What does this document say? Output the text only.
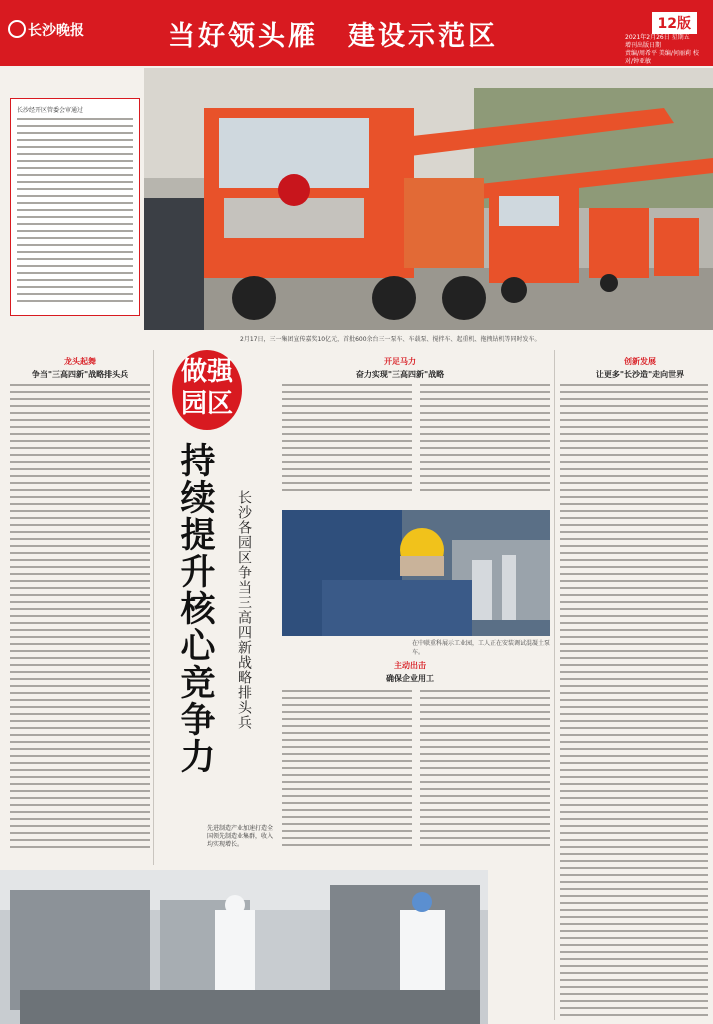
长沙晚报	当好领头雁　建设示范区	12版
2021年2月26日 星期五
增刊出版日期
责编/周希平 美编/何丽莉 校对/钟亚敏
2月17日，三一集团宣传嘉奖10亿元，首批600余台三一泵车、车载泵、搅拌车、起重机、拖拽钻机等同时发车。
长沙经开区管委会审通过
龙头起舞
争当"三高四新"战略排头兵
开足马力
奋力实现"三高四新"战略
创新发展
让更多"长沙造"走向世界
主动出击
确保企业用工
做强园区
持续提升核心竞争力 长沙各园区争当三高四新战略排头兵	在中联重科展示工业园，工人正在安装调试混凝土泵车。
先进制造产业加速打造全国领先制造业集群，收入均实现增长。
